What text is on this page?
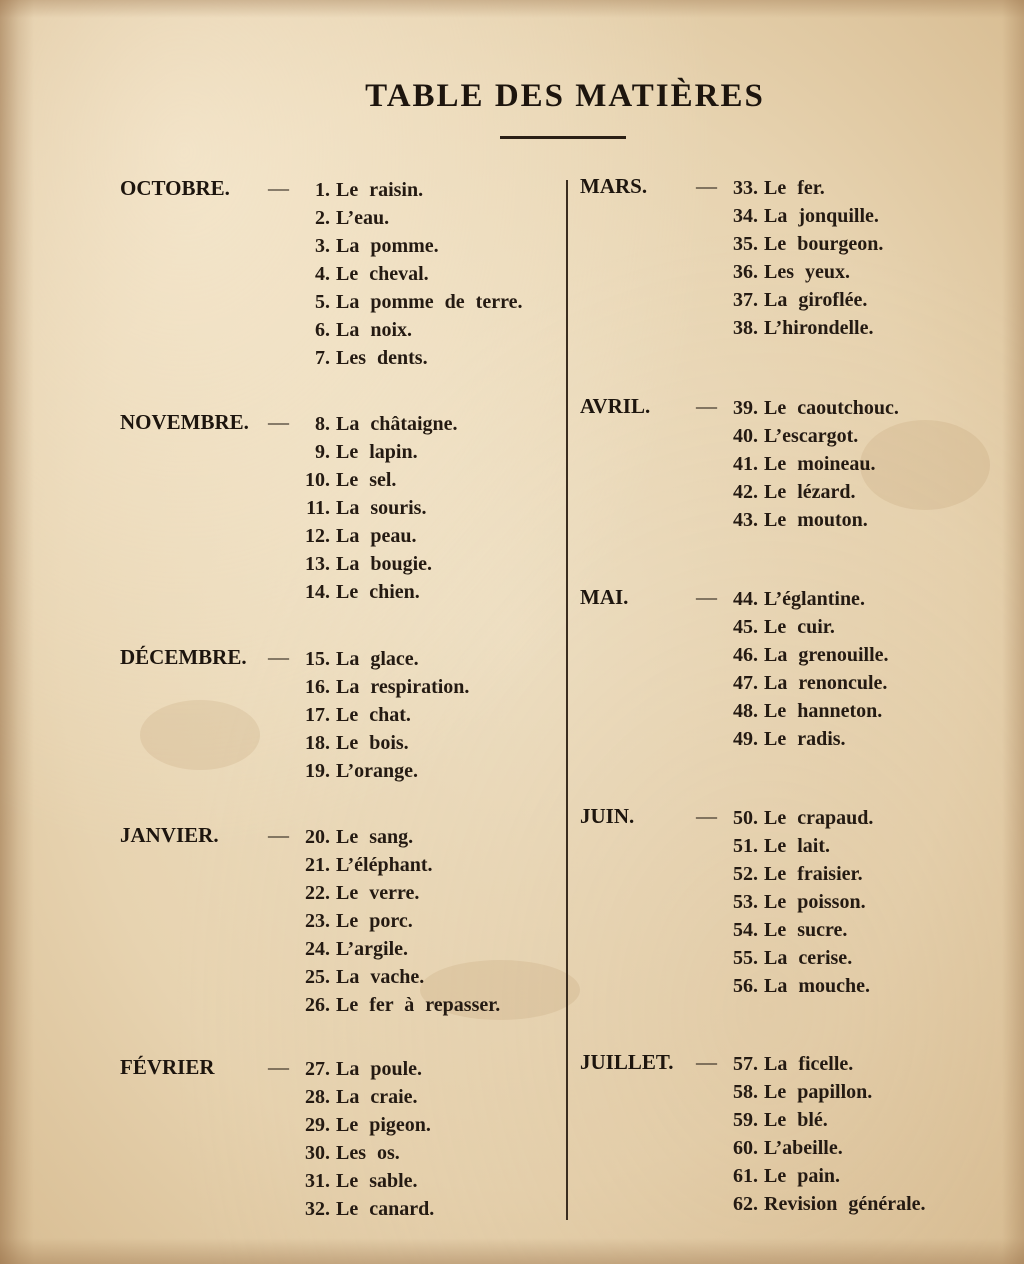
TABLE DES MATIÈRES
OCTOBRE. —	1. Le raisin.
2. L’eau.
3. La pomme.
4. Le cheval.
5. La pomme de terre.
6. La noix.
7. Les dents.
NOVEMBRE. —	8. La châtaigne.
9. Le lapin.
10. Le sel.
11. La souris.
12. La peau.
13. La bougie.
14. Le chien.
DÉCEMBRE. — 15. La glace.
16. La respiration.
17. Le chat.
18. Le bois.
19. L’orange.
JANVIER. — 20. Le sang.
21. L’éléphant.
22. Le verre.
23. Le porc.
24. L’argile.
25. La vache.
26. Le fer à repasser.
FÉVRIER	— 27. La poule.
28. La craie.
29. Le pigeon.
30. Les os.
31. Le sable.
32. Le canard.
MARS. — 33. Le fer.
34. La jonquille.
35. Le bourgeon.
36. Les yeux.
37. La giroflée.
38. L’hirondelle.
AVRIL. — 39. Le caoutchouc.
40. L’escargot.
41. Le moineau.
42. Le lézard.
43. Le mouton.
MAI.	— 44. L’églantine.
45. Le cuir.
46. La grenouille.
47. La renoncule.
48. Le hanneton.
49. Le radis.
JUIN.	— 50. Le crapaud.
51. Le lait.
52. Le fraisier.
53. Le poisson.
54. Le sucre.
55. La cerise.
56. La mouche.
JUILLET. — 57. La ficelle.
58. Le papillon.
59. Le blé.
60. L’abeille.
61. Le pain.
62. Revision générale.
